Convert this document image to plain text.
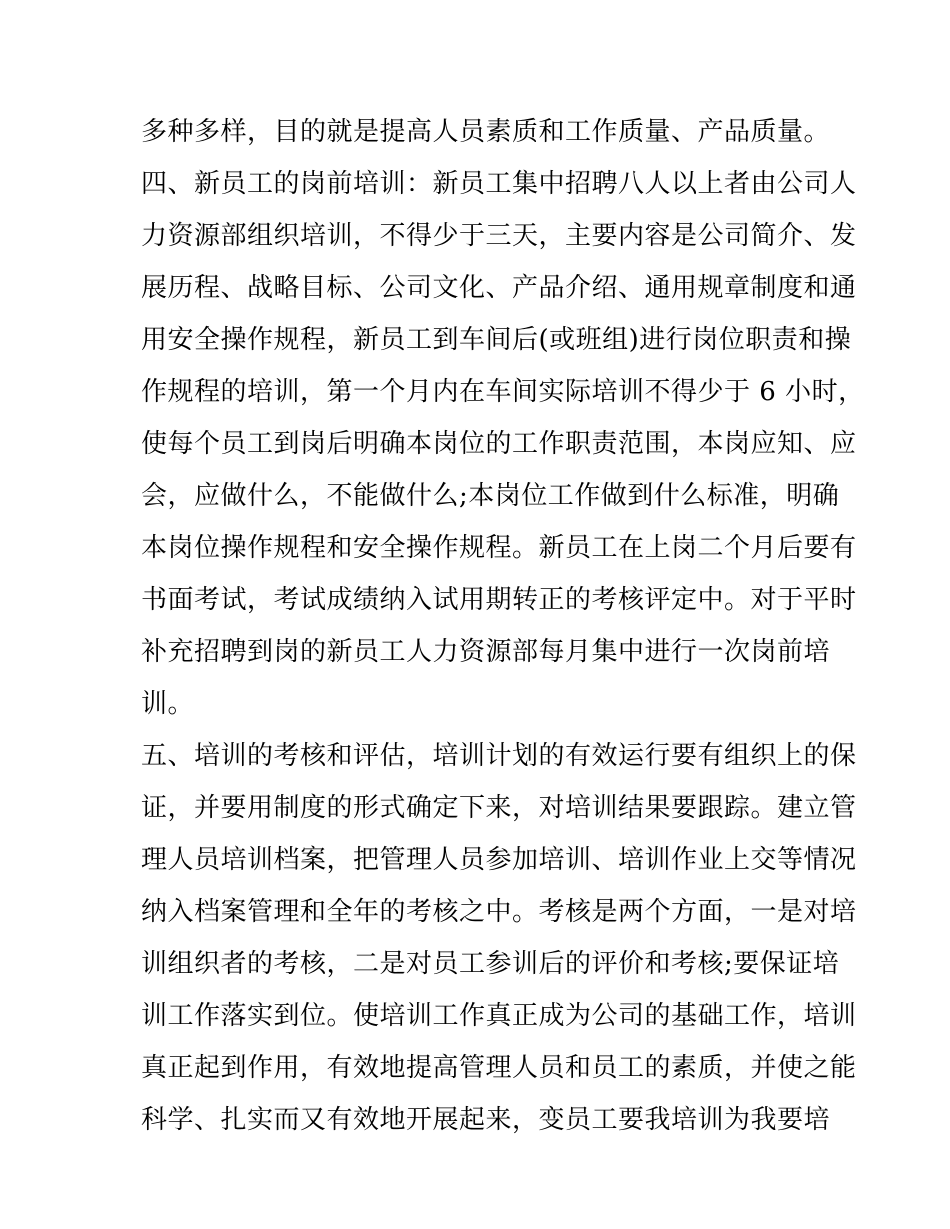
多种多样，目的就是提高人员素质和工作质量、产品质量。
四、新员工的岗前培训：新员工集中招聘八人以上者由公司人
力资源部组织培训，不得少于三天，主要内容是公司简介、发
展历程、战略目标、公司文化、产品介绍、通用规章制度和通
用安全操作规程，新员工到车间后(或班组)进行岗位职责和操
作规程的培训，第一个月内在车间实际培训不得少于 6 小时，
使每个员工到岗后明确本岗位的工作职责范围，本岗应知、应
会，应做什么，不能做什么;本岗位工作做到什么标准，明确
本岗位操作规程和安全操作规程。新员工在上岗二个月后要有
书面考试，考试成绩纳入试用期转正的考核评定中。对于平时
补充招聘到岗的新员工人力资源部每月集中进行一次岗前培
训。
五、培训的考核和评估，培训计划的有效运行要有组织上的保
证，并要用制度的形式确定下来，对培训结果要跟踪。建立管
理人员培训档案，把管理人员参加培训、培训作业上交等情况
纳入档案管理和全年的考核之中。考核是两个方面，一是对培
训组织者的考核，二是对员工参训后的评价和考核;要保证培
训工作落实到位。使培训工作真正成为公司的基础工作，培训
真正起到作用，有效地提高管理人员和员工的素质，并使之能
科学、扎实而又有效地开展起来，变员工要我培训为我要培
